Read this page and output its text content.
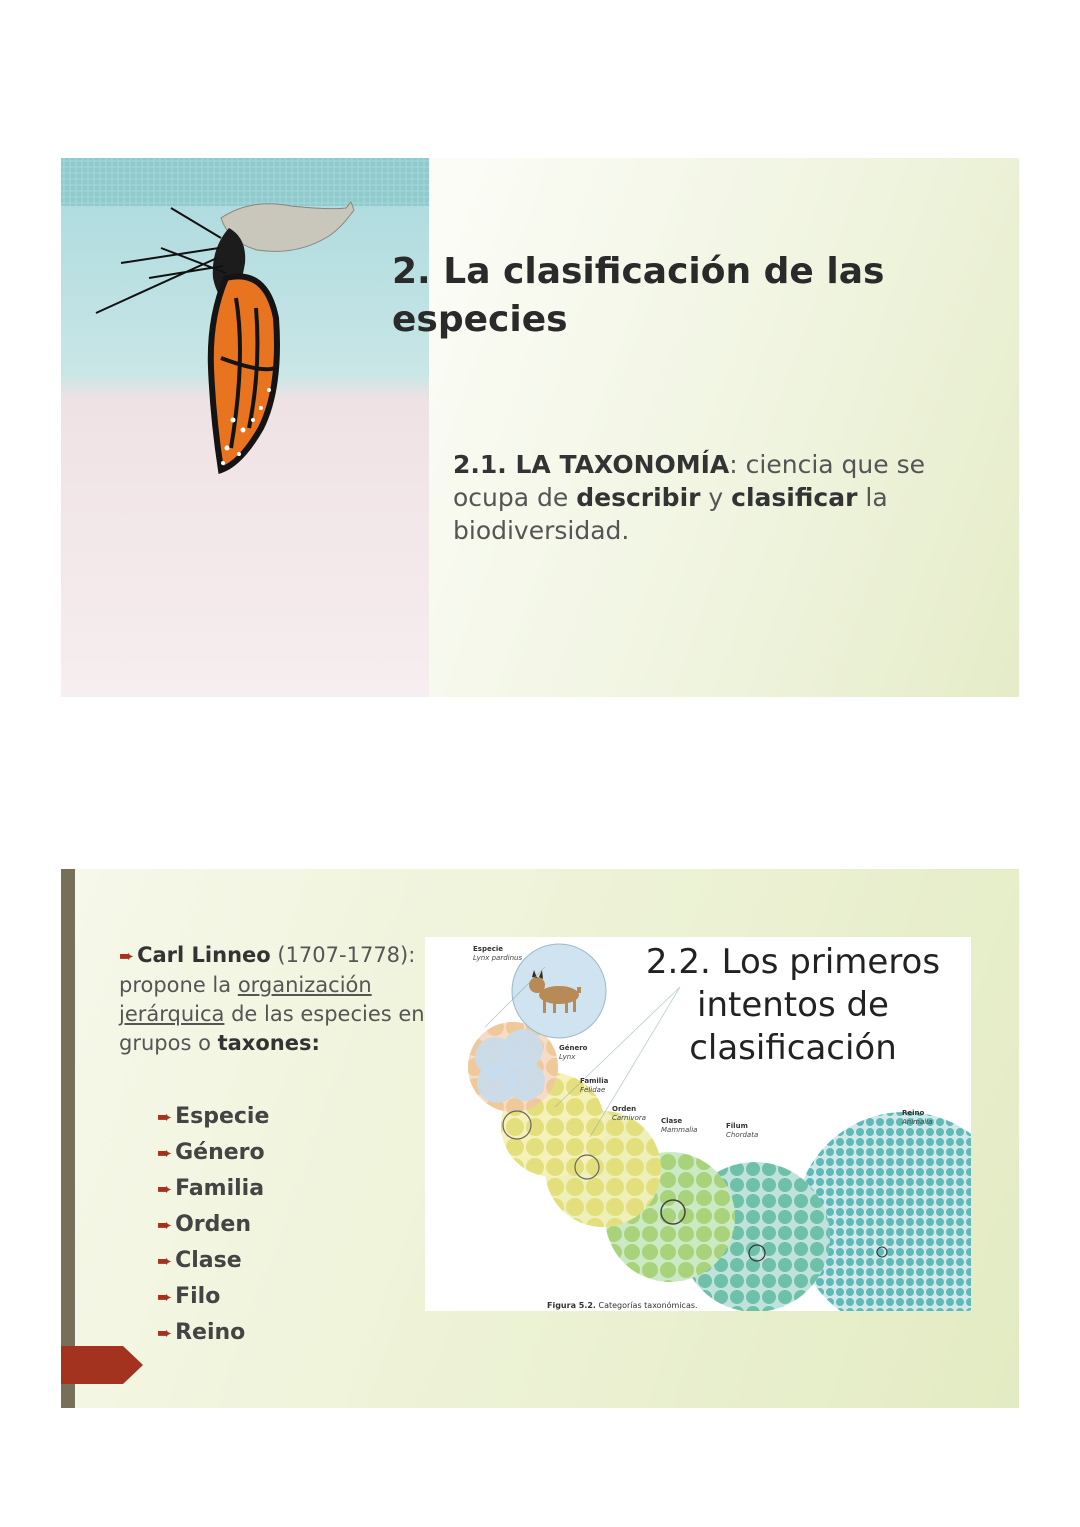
2. La clasificación de las especies
2.1. LA TAXONOMÍA: ciencia que se ocupa de describir y clasificar la biodiversidad.
➨ Carl Linneo (1707-1778): propone la organización jerárquica de las especies en grupos o taxones:
➨ Especie
➨ Género
➨ Familia
➨ Orden
➨ Clase
➨ Filo
➨ Reino
Especie
Lynx pardinus
Género
Lynx
Familia
Felidae
Orden
Carnivora Clase
Mammalia	Filum
Chordata
Reino
Animalia
2.2. Los primeros intentos de clasificación
Figura 5.2. Categorías taxonómicas.
